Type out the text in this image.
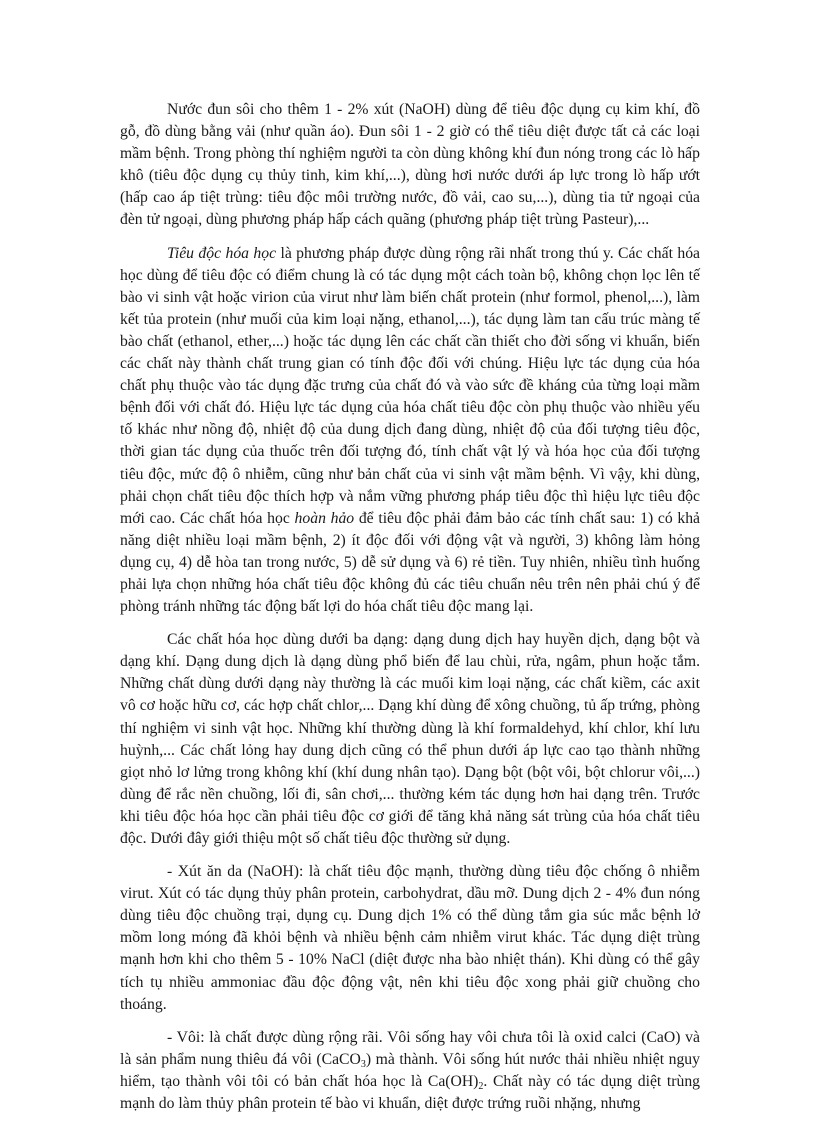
Nước đun sôi cho thêm 1 - 2% xút (NaOH) dùng để tiêu độc dụng cụ kim khí, đồ gỗ, đồ dùng bằng vải (như quần áo). Đun sôi 1 - 2 giờ có thể tiêu diệt được tất cả các loại mầm bệnh. Trong phòng thí nghiệm người ta còn dùng không khí đun nóng trong các lò hấp khô (tiêu độc dụng cụ thủy tinh, kim khí,...), dùng hơi nước dưới áp lực trong lò hấp ướt (hấp cao áp tiệt trùng: tiêu độc môi trường nước, đồ vải, cao su,...), dùng tia tử ngoại của đèn tử ngoại, dùng phương pháp hấp cách quãng (phương pháp tiệt trùng Pasteur),...

Tiêu độc hóa học là phương pháp được dùng rộng rãi nhất trong thú y. Các chất hóa học dùng để tiêu độc có điểm chung là có tác dụng một cách toàn bộ, không chọn lọc lên tế bào vi sinh vật hoặc virion của virut như làm biến chất protein (như formol, phenol,...), làm kết tủa protein (như muối của kim loại nặng, ethanol,...), tác dụng làm tan cấu trúc màng tế bào chất (ethanol, ether,...) hoặc tác dụng lên các chất cần thiết cho đời sống vi khuẩn, biến các chất này thành chất trung gian có tính độc đối với chúng. Hiệu lực tác dụng của hóa chất phụ thuộc vào tác dụng đặc trưng của chất đó và vào sức đề kháng của từng loại mầm bệnh đối với chất đó. Hiệu lực tác dụng của hóa chất tiêu độc còn phụ thuộc vào nhiều yếu tố khác như nồng độ, nhiệt độ của dung dịch đang dùng, nhiệt độ của đối tượng tiêu độc, thời gian tác dụng của thuốc trên đối tượng đó, tính chất vật lý và hóa học của đối tượng tiêu độc, mức độ ô nhiễm, cũng như bản chất của vi sinh vật mầm bệnh. Vì vậy, khi dùng, phải chọn chất tiêu độc thích hợp và nắm vững phương pháp tiêu độc thì hiệu lực tiêu độc mới cao. Các chất hóa học hoàn hảo để tiêu độc phải đảm bảo các tính chất sau: 1) có khả năng diệt nhiều loại mầm bệnh, 2) ít độc đối với động vật và người, 3) không làm hỏng dụng cụ, 4) dễ hòa tan trong nước, 5) dễ sử dụng và 6) rẻ tiền. Tuy nhiên, nhiều tình huống phải lựa chọn những hóa chất tiêu độc không đủ các tiêu chuẩn nêu trên nên phải chú ý để phòng tránh những tác động bất lợi do hóa chất tiêu độc mang lại.

Các chất hóa học dùng dưới ba dạng: dạng dung dịch hay huyền dịch, dạng bột và dạng khí. Dạng dung dịch là dạng dùng phổ biến để lau chùi, rửa, ngâm, phun hoặc tắm. Những chất dùng dưới dạng này thường là các muối kim loại nặng, các chất kiềm, các axit vô cơ hoặc hữu cơ, các hợp chất chlor,... Dạng khí dùng để xông chuồng, tủ ấp trứng, phòng thí nghiệm vi sinh vật học. Những khí thường dùng là khí formaldehyd, khí chlor, khí lưu huỳnh,... Các chất lỏng hay dung dịch cũng có thể phun dưới áp lực cao tạo thành những giọt nhỏ lơ lửng trong không khí (khí dung nhân tạo). Dạng bột (bột vôi, bột chlorur vôi,...) dùng để rắc nền chuồng, lối đi, sân chơi,... thường kém tác dụng hơn hai dạng trên. Trước khi tiêu độc hóa học cần phải tiêu độc cơ giới để tăng khả năng sát trùng của hóa chất tiêu độc. Dưới đây giới thiệu một số chất tiêu độc thường sử dụng.

- Xút ăn da (NaOH): là chất tiêu độc mạnh, thường dùng tiêu độc chống ô nhiễm virut. Xút có tác dụng thủy phân protein, carbohydrat, dầu mỡ. Dung dịch 2 - 4% đun nóng dùng tiêu độc chuồng trại, dụng cụ. Dung dịch 1% có thể dùng tắm gia súc mắc bệnh lở mồm long móng đã khỏi bệnh và nhiều bệnh cảm nhiễm virut khác. Tác dụng diệt trùng mạnh hơn khi cho thêm 5 - 10% NaCl (diệt được nha bào nhiệt thán). Khi dùng có thể gây tích tụ nhiều ammoniac đầu độc động vật, nên khi tiêu độc xong phải giữ chuồng cho thoáng.

- Vôi: là chất được dùng rộng rãi. Vôi sống hay vôi chưa tôi là oxid calci (CaO) và là sản phẩm nung thiêu đá vôi (CaCO$_3$) mà thành. Vôi sống hút nước thải nhiều nhiệt nguy hiểm, tạo thành vôi tôi có bản chất hóa học là $Ca(OH)_2$. Chất này có tác dụng diệt trùng mạnh do làm thủy phân protein tế bào vi khuẩn, diệt được trứng ruồi nhặng, nhưng
